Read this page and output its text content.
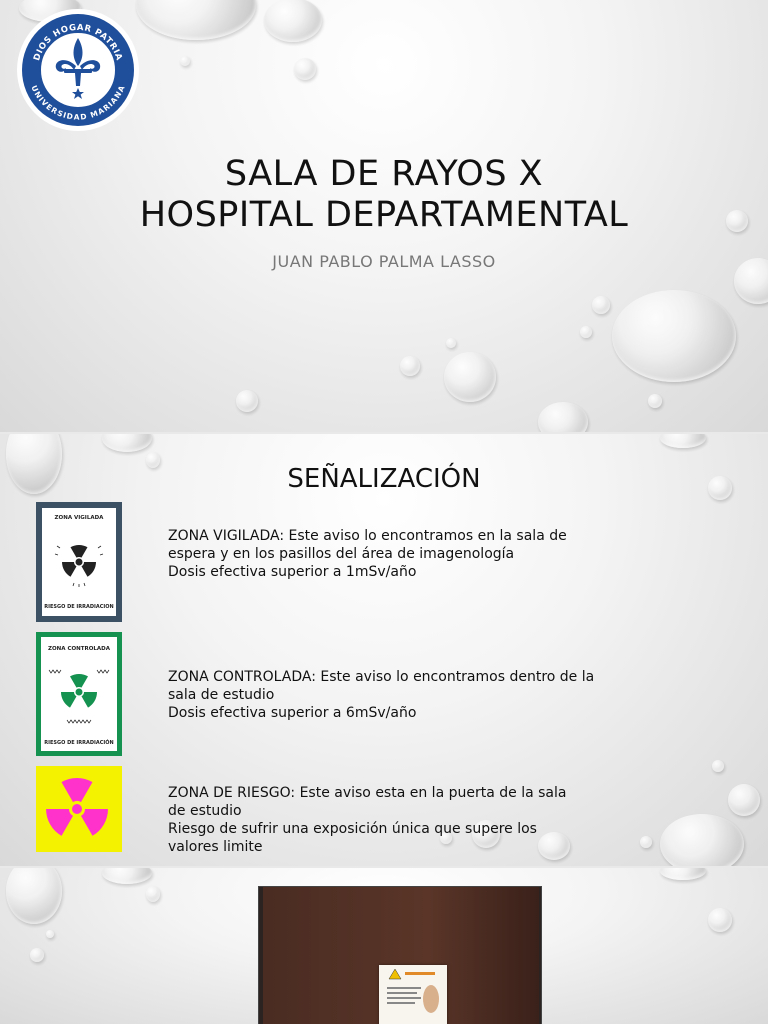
DIOS HOGAR PATRIA
UNIVERSIDAD MARIANA
SALA DE RAYOS X
HOSPITAL DEPARTAMENTAL
JUAN PABLO PALMA LASSO
SEÑALIZACIÓN
ZONA VIGILADA
RIESGO DE IRRADIACION
ZONA VIGILADA: Este aviso lo encontramos en la sala de
espera y en los pasillos del área de imagenología
Dosis efectiva superior a 1mSv/año
ZONA CONTROLADA
RIESGO DE IRRADIACIÓN
ZONA CONTROLADA: Este aviso lo encontramos dentro de la
sala de estudio
Dosis efectiva superior a 6mSv/año
ZONA DE RIESGO: Este aviso esta en la puerta de la sala
de estudio
Riesgo de sufrir una exposición única que supere los
valores limite
